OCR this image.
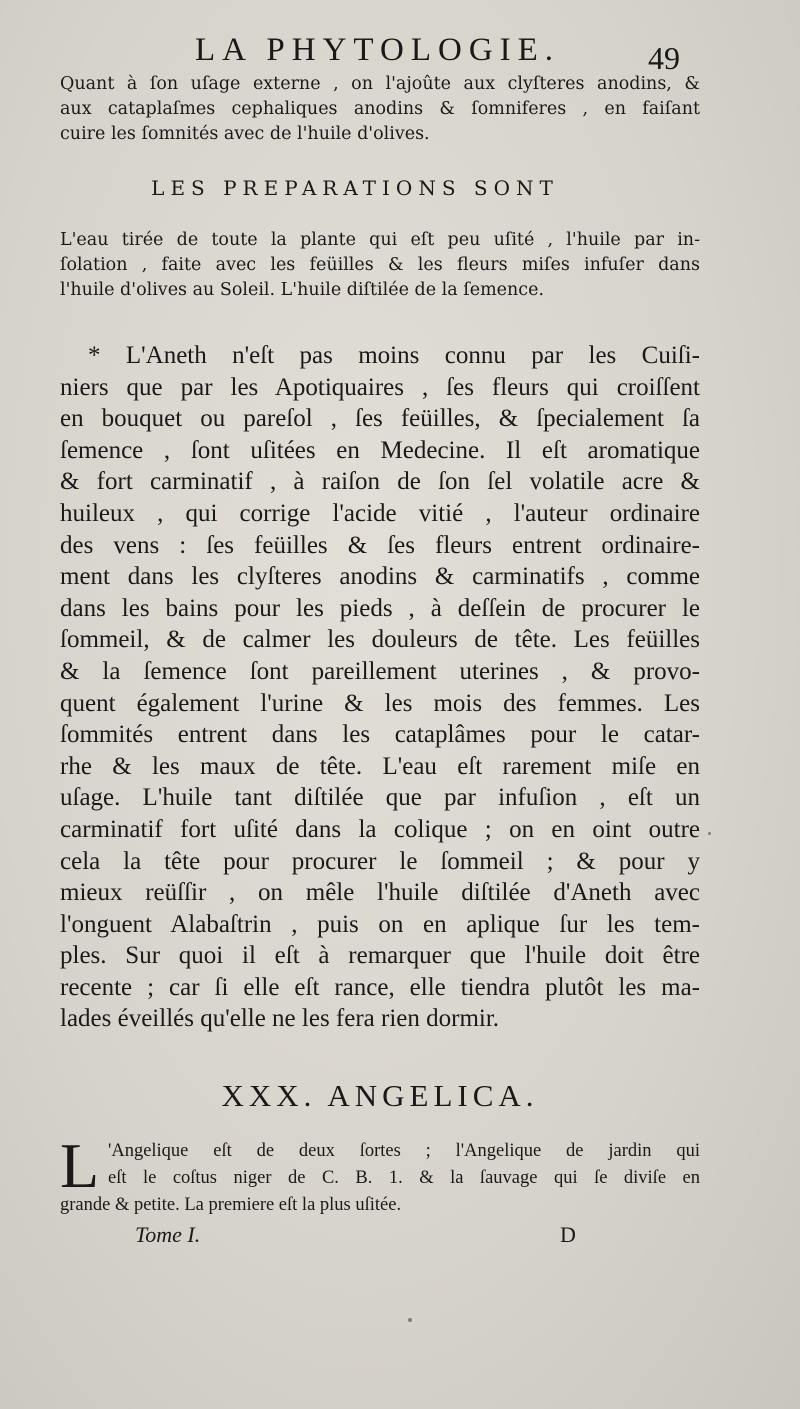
LA PHYTOLOGIE.	49
Quant à ſon uſage externe , on l'ajoûte aux clyſteres anodins, &
aux cataplaſmes cephaliques anodins & ſomniferes , en faiſant
cuire les ſomnités avec de l'huile d'olives.
LES PREPARATIONS SONT
L'eau tirée de toute la plante qui eſt peu uſité , l'huile par in-
ſolation , faite avec les feüilles & les fleurs miſes infuſer dans
l'huile d'olives au Soleil. L'huile diſtilée de la ſemence.
* L'Aneth n'eſt pas moins connu par les Cuiſi-
niers que par les Apotiquaires , ſes fleurs qui croiſſent
en bouquet ou pareſol , ſes feüilles, & ſpecialement ſa
ſemence , ſont uſitées en Medecine. Il eſt aromatique
& fort carminatif , à raiſon de ſon ſel volatile acre &
huileux , qui corrige l'acide vitié , l'auteur ordinaire
des vens : ſes feüilles & ſes fleurs entrent ordinaire-
ment dans les clyſteres anodins & carminatifs , comme
dans les bains pour les pieds , à deſſein de procurer le
ſommeil, & de calmer les douleurs de tête. Les feüilles
& la ſemence ſont pareillement uterines , & provo-
quent également l'urine & les mois des femmes. Les
ſommités entrent dans les cataplâmes pour le catar-
rhe & les maux de tête. L'eau eſt rarement miſe en
uſage. L'huile tant diſtilée que par infuſion , eſt un
carminatif fort uſité dans la colique ; on en oint outre
cela la tête pour procurer le ſommeil ; & pour y
mieux reüſſir , on mêle l'huile diſtilée d'Aneth avec
l'onguent Alabaſtrin , puis on en aplique ſur les tem-
ples. Sur quoi il eſt à remarquer que l'huile doit être
recente ; car ſi elle eſt rance, elle tiendra plutôt les ma-
lades éveillés qu'elle ne les fera rien dormir.
XXX. ANGELICA.
L 'Angelique eſt de deux ſortes ; l'Angelique de jardin qui
eſt le coſtus niger de C. B. 1. & la ſauvage qui ſe diviſe en
grande & petite. La premiere eſt la plus uſitée.
Tome I.	D
